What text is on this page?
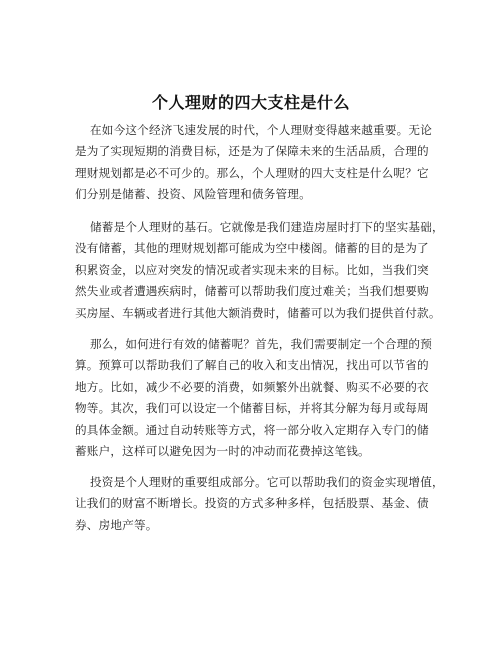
个人理财的四大支柱是什么
在如今这个经济飞速发展的时代，个人理财变得越来越重要。无论
是为了实现短期的消费目标，还是为了保障未来的生活品质，合理的
理财规划都是必不可少的。那么，个人理财的四大支柱是什么呢？它
们分别是储蓄、投资、风险管理和债务管理。
储蓄是个人理财的基石。它就像是我们建造房屋时打下的坚实基础，
没有储蓄，其他的理财规划都可能成为空中楼阁。储蓄的目的是为了
积累资金，以应对突发的情况或者实现未来的目标。比如，当我们突
然失业或者遭遇疾病时，储蓄可以帮助我们度过难关；当我们想要购
买房屋、车辆或者进行其他大额消费时，储蓄可以为我们提供首付款。
那么，如何进行有效的储蓄呢？首先，我们需要制定一个合理的预
算。预算可以帮助我们了解自己的收入和支出情况，找出可以节省的
地方。比如，减少不必要的消费，如频繁外出就餐、购买不必要的衣
物等。其次，我们可以设定一个储蓄目标，并将其分解为每月或每周
的具体金额。通过自动转账等方式，将一部分收入定期存入专门的储
蓄账户，这样可以避免因为一时的冲动而花费掉这笔钱。
投资是个人理财的重要组成部分。它可以帮助我们的资金实现增值，
让我们的财富不断增长。投资的方式多种多样，包括股票、基金、债
券、房地产等。
